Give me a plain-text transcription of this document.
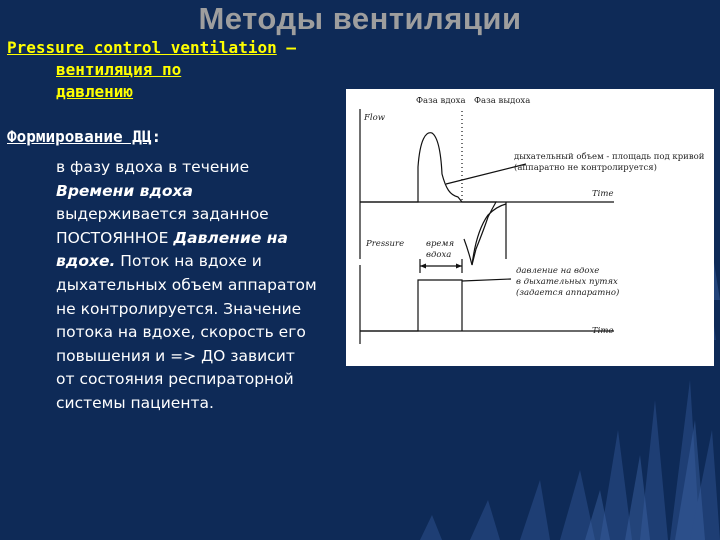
Методы вентиляции
Pressure control ventilation –
вентиляция по
давлению
Формирование ДЦ:
в фазу вдоха в течение
Времени вдоха
выдерживается заданное
ПОСТОЯННОЕ Давление на
вдохе. Поток на вдохе и
дыхательных объем аппаратом
не контролируется. Значение
потока на вдохе, скорость его
повышения и => ДО зависит
от состояния респираторной
системы пациента.
Фаза вдоха Фаза выдоха
Flow
Time
дыхательный объем - площадь под кривой
(аппаратно не контролируется)
Pressure	время
вдоха
давление на вдохе
в дыхательных путях
(задается аппаратно)
Time
